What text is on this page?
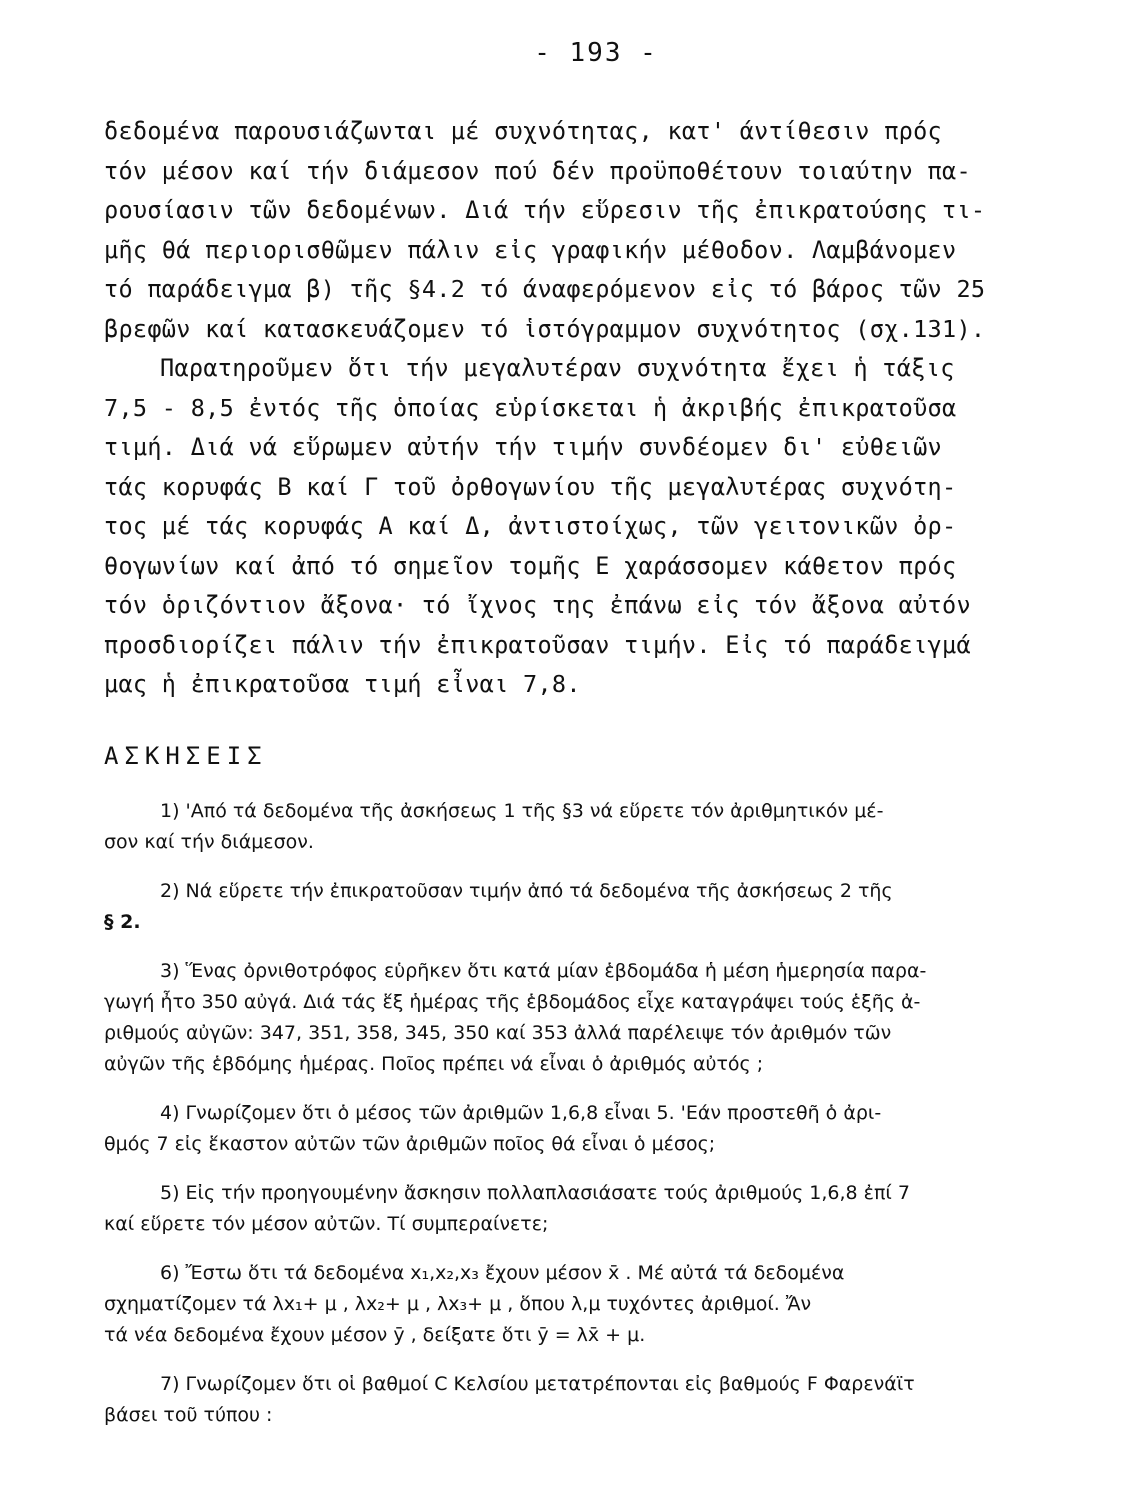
- 193 -
δεδομένα παρουσιάζωνται μέ συχνότητας, κατ' άντίθεσιν πρός
τόν μέσον καί τήν διάμεσον πού δέν προϋποθέτουν τοιαύτην πα-
ρουσίασιν τῶν δεδομένων. Διά τήν εὕρεσιν τῆς ἐπικρατούσης τι-
μῆς θά περιορισθῶμεν πάλιν εἰς γραφικήν μέθοδον. Λαμβάνομεν
τό παράδειγμα β) τῆς §4.2 τό άναφερόμενον εἰς τό βάρος τῶν 25
βρεφῶν καί κατασκευάζομεν τό ἱστόγραμμον συχνότητος (σχ.131).
Παρατηροῦμεν ὅτι τήν μεγαλυτέραν συχνότητα ἔχει ἡ τάξις
7,5 - 8,5 ἐντός τῆς ὁποίας εὑρίσκεται ἡ ἀκριβής ἐπικρατοῦσα
τιμή. Διά νά εὕρωμεν αὐτήν τήν τιμήν συνδέομεν δι' εὐθειῶν
τάς κορυφάς Β καί Γ τοῦ ὀρθογωνίου τῆς μεγαλυτέρας συχνότη-
τος μέ τάς κορυφάς Α καί Δ, ἀντιστοίχως, τῶν γειτονικῶν ὀρ-
θογωνίων καί ἀπό τό σημεῖον τομῆς Ε χαράσσομεν κάθετον πρός
τόν ὁριζόντιον ἄξονα· τό ἴχνος της ἐπάνω εἰς τόν ἄξονα αὐτόν
προσδιορίζει πάλιν τήν ἐπικρατοῦσαν τιμήν. Εἰς τό παράδειγμά
μας ἡ ἐπικρατοῦσα τιμή εἶναι 7,8.
ΑΣΚΗΣΕΙΣ
1) 'Από τά δεδομένα τῆς ἀσκήσεως 1 τῆς §3 νά εὕρετε τόν ἀριθμητικόν μέ-
σον καί τήν διάμεσον.
2) Νά εὕρετε τήν ἐπικρατοῦσαν τιμήν ἀπό τά δεδομένα τῆς ἀσκήσεως 2 τῆς
§ 2.
3) Ἕνας ὀρνιθοτρόφος εὑρῆκεν ὅτι κατά μίαν ἑβδομάδα ἡ μέση ἡμερησία παρα-
γωγή ἦτο 350 αὐγά. Διά τάς ἕξ ἡμέρας τῆς ἑβδομάδος εἶχε καταγράψει τούς ἑξῆς ἀ-
ριθμούς αὐγῶν: 347, 351, 358, 345, 350 καί 353 ἀλλά παρέλειψε τόν ἀριθμόν τῶν
αὐγῶν τῆς ἑβδόμης ἡμέρας. Ποῖος πρέπει νά εἶναι ὁ ἀριθμός αὐτός ;
4) Γνωρίζομεν ὅτι ὁ μέσος τῶν ἀριθμῶν 1,6,8 εἶναι 5. 'Εάν προστεθῆ ὁ ἀρι-
θμός 7 εἰς ἕκαστον αὐτῶν τῶν ἀριθμῶν ποῖος θά εἶναι ὁ μέσος;
5) Εἰς τήν προηγουμένην ἄσκησιν πολλαπλασιάσατε τούς ἀριθμούς 1,6,8 ἐπί 7
καί εὕρετε τόν μέσον αὐτῶν. Τί συμπεραίνετε;
6) Ἔστω ὅτι τά δεδομένα x₁,x₂,x₃ ἔχουν μέσον x̄ . Μέ αὐτά τά δεδομένα
σχηματίζομεν τά λx₁+ μ , λx₂+ μ , λx₃+ μ , ὅπου λ,μ τυχόντες ἀριθμοί. Ἄν
τά νέα δεδομένα ἔχουν μέσον ȳ , δείξατε ὅτι ȳ = λx̄ + μ.
7) Γνωρίζομεν ὅτι οἱ βαθμοί C Κελσίου μετατρέπονται εἰς βαθμούς F Φαρενάϊτ
βάσει τοῦ τύπου :
